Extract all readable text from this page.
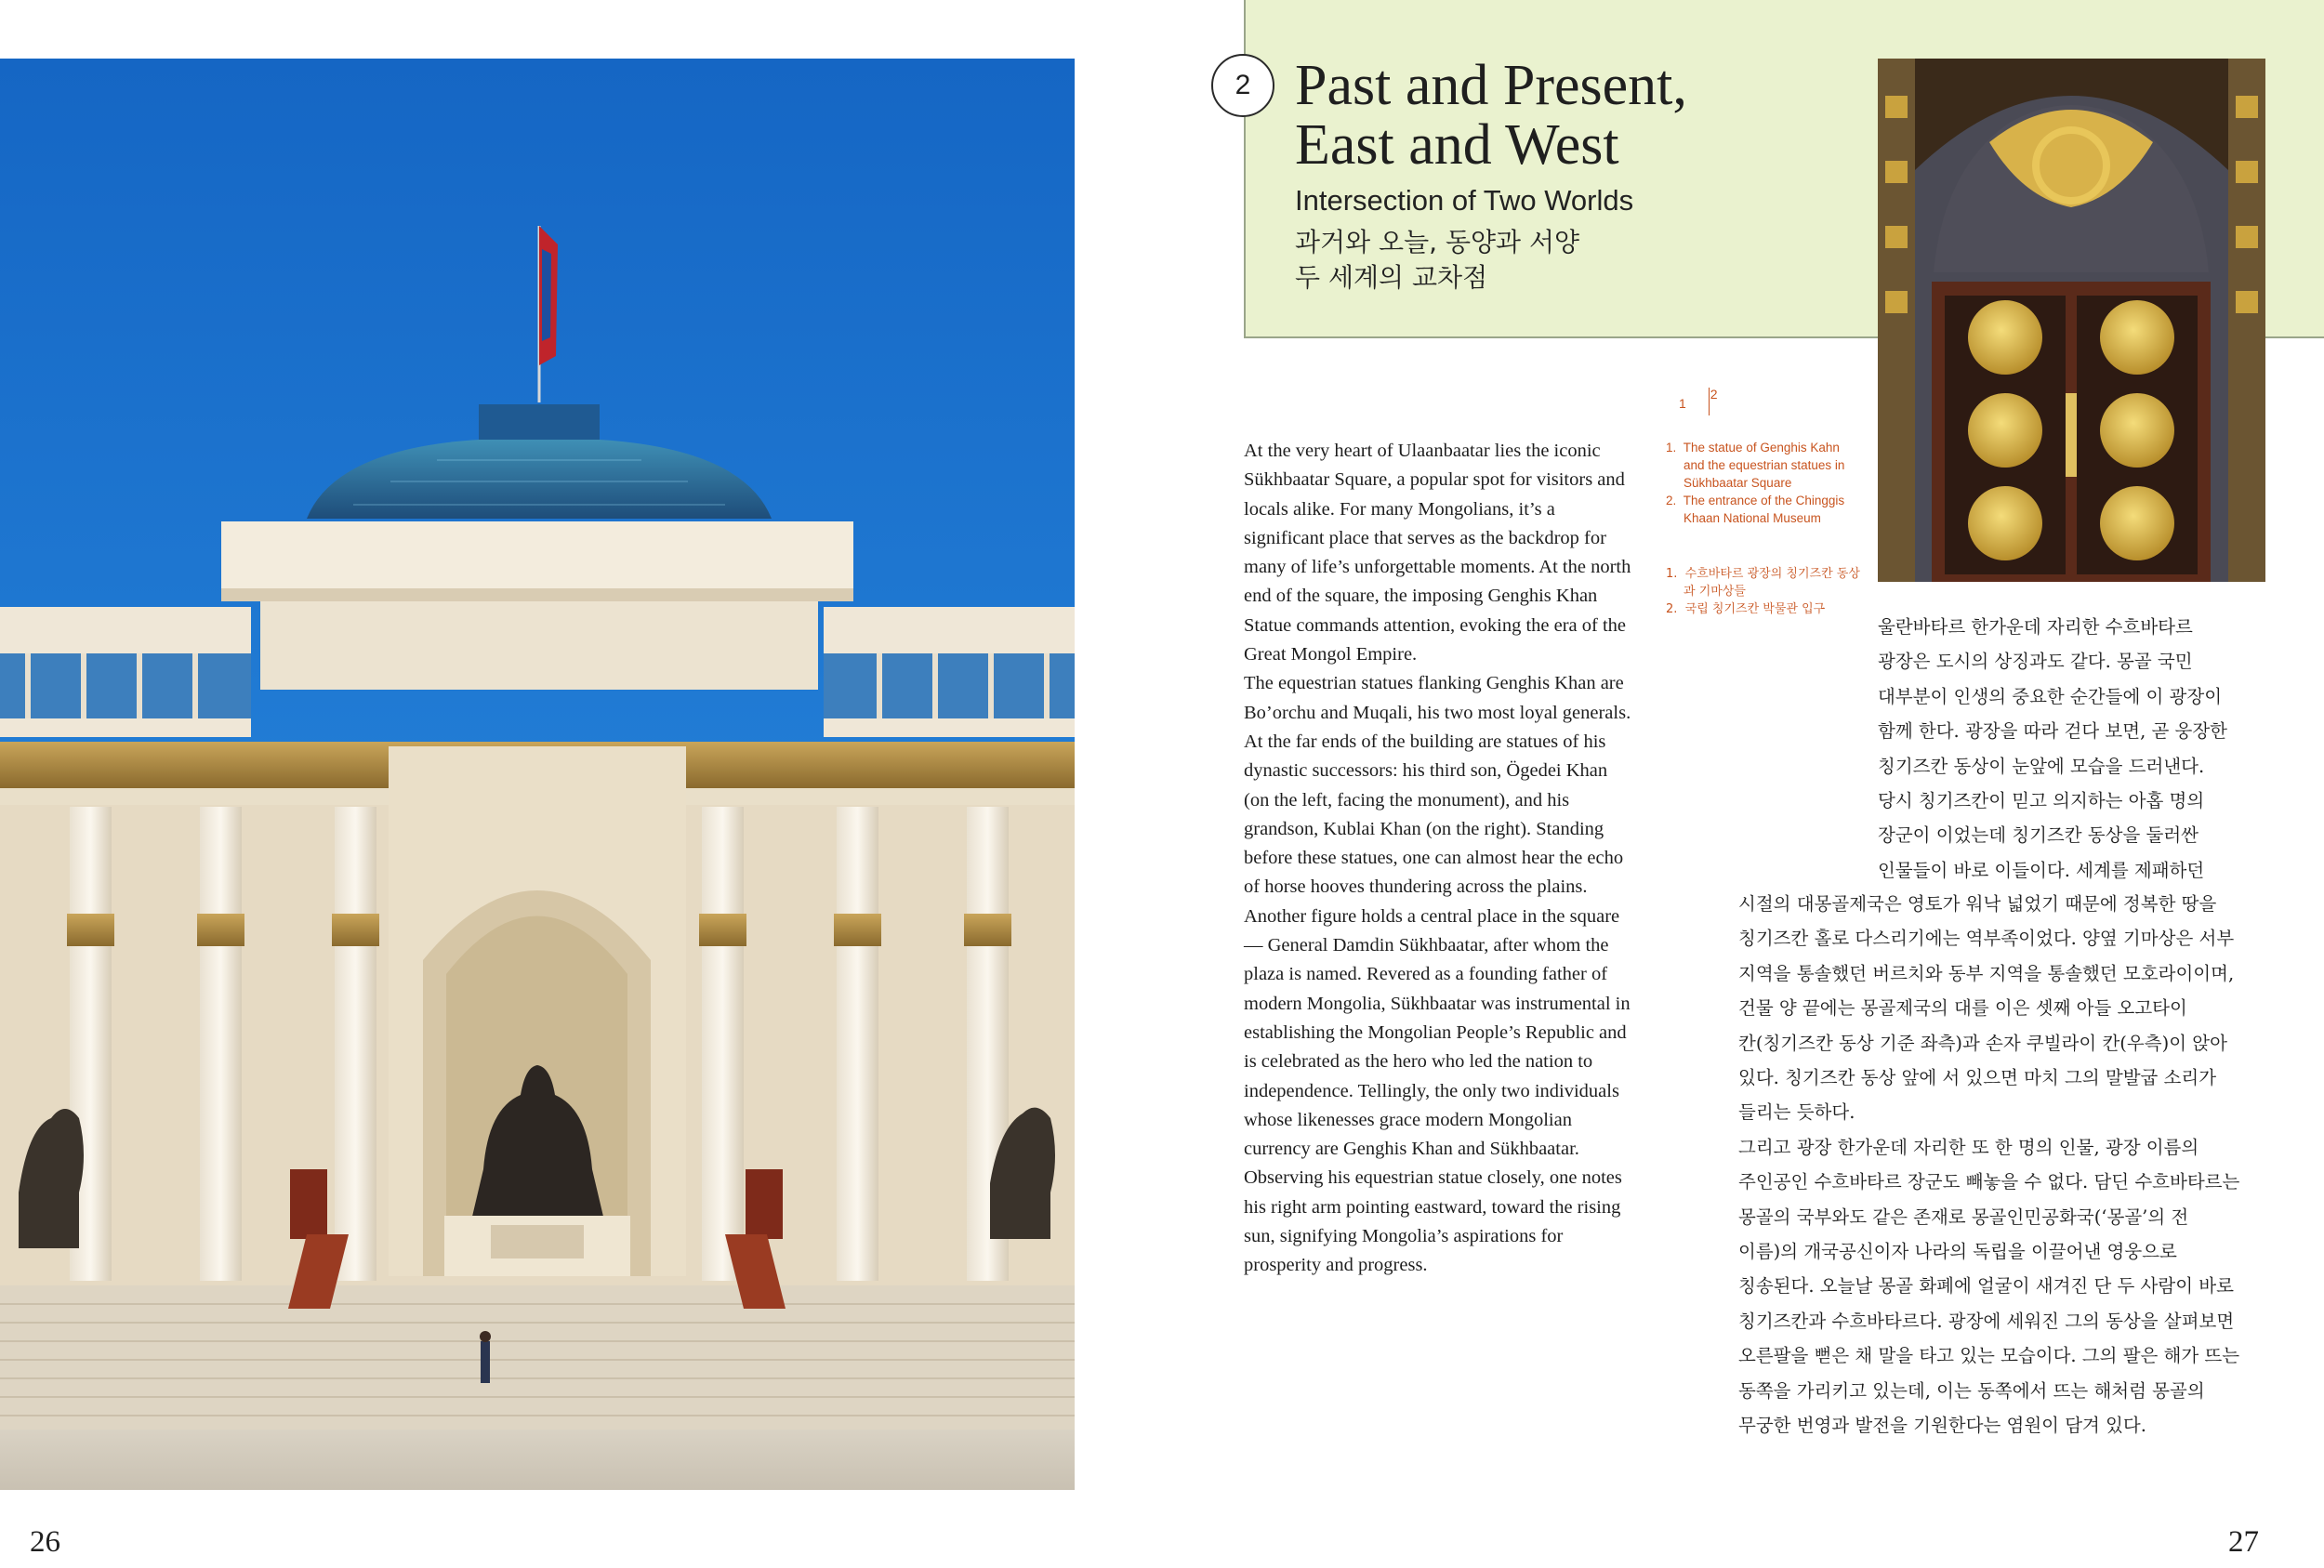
2 Past and Present,
East and West
Intersection of Two Worlds
과거와 오늘, 동양과 서양
두 세계의 교차점
1 2
1. The statue of Genghis Kahn and the equestrian statues in Sükhbaatar Square
2. The entrance of the Chinggis Khaan National Museum
1. 수흐바타르 광장의 칭기즈칸 동상과 기마상들
2. 국립 칭기즈칸 박물관 입구

At the very heart of Ulaanbaatar lies the iconic Sükhbaatar Square, a popular spot for visitors and locals alike. For many Mongolians, it’s a significant place that serves as the backdrop for many of life’s unforgettable moments. At the north end of the square, the imposing Genghis Khan Statue commands attention, evoking the era of the Great Mongol Empire.

The equestrian statues flanking Genghis Khan are Bo’orchu and Muqali, his two most loyal generals. At the far ends of the building are statues of his dynastic successors: his third son, Ögedei Khan (on the left, facing the monument), and his grandson, Kublai Khan (on the right). Standing before these statues, one can almost hear the echo of horse hooves thundering across the plains.

Another figure holds a central place in the square — General Damdin Sükhbaatar, after whom the plaza is named. Revered as a founding father of modern Mongolia, Sükhbaatar was instrumental in establishing the Mongolian People’s Republic and is celebrated as the hero who led the nation to independence. Tellingly, the only two individuals whose likenesses grace modern Mongolian currency are Genghis Khan and Sükhbaatar. Observing his equestrian statue closely, one notes his right arm pointing eastward, toward the rising sun, signifying Mongolia’s aspirations for prosperity and progress.

울란바타르 한가운데 자리한 수흐바타르
광장은 도시의 상징과도 같다. 몽골 국민
대부분이 인생의 중요한 순간들에 이 광장이
함께 한다. 광장을 따라 걷다 보면, 곧 웅장한
칭기즈칸 동상이 눈앞에 모습을 드러낸다.
당시 칭기즈칸이 믿고 의지하는 아홉 명의
장군이 이었는데 칭기즈칸 동상을 둘러싼
인물들이 바로 이들이다. 세계를 제패하던
시절의 대몽골제국은 영토가 워낙 넓었기 때문에 정복한 땅을
칭기즈칸 홀로 다스리기에는 역부족이었다. 양옆 기마상은 서부
지역을 통솔했던 버르치와 동부 지역을 통솔했던 모호라이이며,
건물 양 끝에는 몽골제국의 대를 이은 셋째 아들 오고타이
칸(칭기즈칸 동상 기준 좌측)과 손자 쿠빌라이 칸(우측)이 앉아
있다. 칭기즈칸 동상 앞에 서 있으면 마치 그의 말발굽 소리가
들리는 듯하다.
그리고 광장 한가운데 자리한 또 한 명의 인물, 광장 이름의
주인공인 수흐바타르 장군도 빼놓을 수 없다. 담딘 수흐바타르는
몽골의 국부와도 같은 존재로 몽골인민공화국(‘몽골’의 전
이름)의 개국공신이자 나라의 독립을 이끌어낸 영웅으로
칭송된다. 오늘날 몽골 화폐에 얼굴이 새겨진 단 두 사람이 바로
칭기즈칸과 수흐바타르다. 광장에 세워진 그의 동상을 살펴보면
오른팔을 뻗은 채 말을 타고 있는 모습이다. 그의 팔은 해가 뜨는
동쪽을 가리키고 있는데, 이는 동쪽에서 뜨는 해처럼 몽골의
무궁한 번영과 발전을 기원한다는 염원이 담겨 있다.
26	27
